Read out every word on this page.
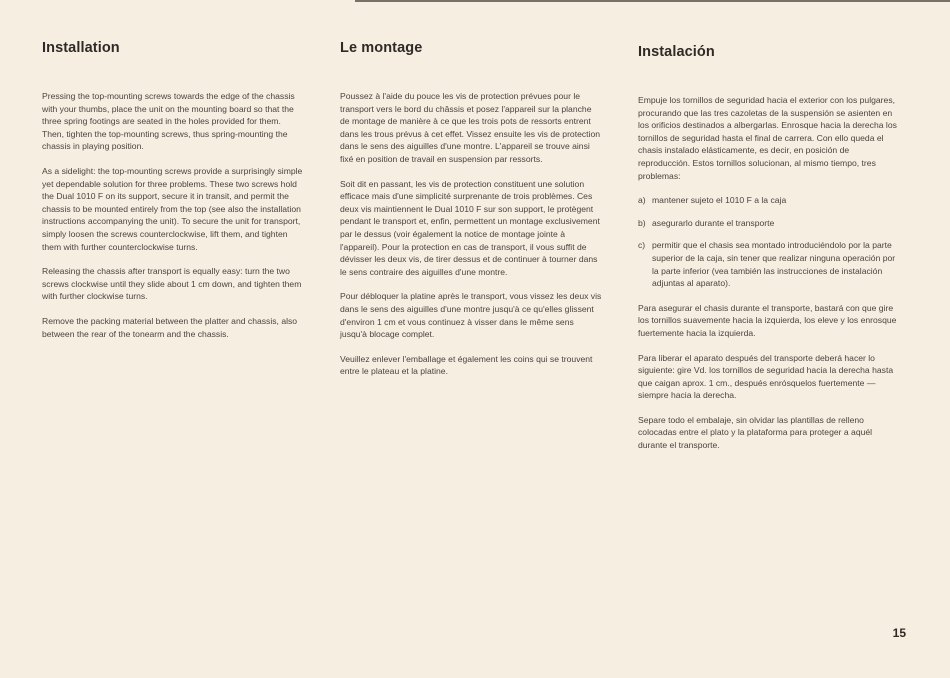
Installation

Pressing the top-mounting screws towards the edge of the chassis with your thumbs, place the unit on the mounting board so that the three spring footings are seated in the holes provided for them. Then, tighten the top-mounting screws, thus spring-mounting the chassis in playing position.

As a sidelight: the top-mounting screws provide a surprisingly simple yet dependable solution for three problems. These two screws hold the Dual 1010 F on its support, secure it in transit, and permit the chassis to be mounted entirely from the top (see also the installation instructions accompanying the unit). To secure the unit for transport, simply loosen the screws counterclockwise, lift them, and tighten them with further counterclockwise turns.

Releasing the chassis after transport is equally easy: turn the two screws clockwise until they slide about 1 cm down, and tighten them with further clockwise turns.

Remove the packing material between the platter and chassis, also between the rear of the tonearm and the chassis.

Le montage

Poussez à l'aide du pouce les vis de protection prévues pour le transport vers le bord du châssis et posez l'appareil sur la planche de montage de manière à ce que les trois pots de ressorts entrent dans les trous prévus à cet effet. Vissez ensuite les vis de protection dans le sens des aiguilles d'une montre. L'appareil se trouve ainsi fixé en position de travail en suspension par ressorts.

Soit dit en passant, les vis de protection constituent une solution efficace mais d'une simplicité surprenante de trois problèmes. Ces deux vis maintiennent le Dual 1010 F sur son support, le protègent pendant le transport et, enfin, permettent un montage exclusivement par le dessus (voir également la notice de montage jointe à l'appareil). Pour la protection en cas de transport, il vous suffit de dévisser les deux vis, de tirer dessus et de continuer à tourner dans le sens contraire des aiguilles d'une montre.

Pour débloquer la platine après le transport, vous vissez les deux vis dans le sens des aiguilles d'une montre jusqu'à ce qu'elles glissent d'environ 1 cm et vous continuez à visser dans le même sens jusqu'à blocage complet.

Veuillez enlever l'emballage et également les coins qui se trouvent entre le plateau et la platine.

Instalación

Empuje los tornillos de seguridad hacia el exterior con los pulgares, procurando que las tres cazoletas de la suspensión se asienten en los orificios destinados a albergarlas. Enrosque hacia la derecha los tornillos de seguridad hasta el final de carrera. Con ello queda el chasis instalado elásticamente, es decir, en posición de reproducción. Estos tornillos solucionan, al mismo tiempo, tres problemas:

a) mantener sujeto el 1010 F a la caja
b) asegurarlo durante el transporte
c) permitir que el chasis sea montado introduciéndolo por la parte superior de la caja, sin tener que realizar ninguna operación por la parte inferior (vea también las instrucciones de instalación adjuntas al aparato).

Para asegurar el chasis durante el transporte, bastará con que gire los tornillos suavemente hacia la izquierda, los eleve y los enrosque fuertemente hacia la izquierda.

Para liberar el aparato después del transporte deberá hacer lo siguiente: gire Vd. los tornillos de seguridad hacia la derecha hasta que caigan aprox. 1 cm., después enrósquelos fuertemente — siempre hacia la derecha.

Separe todo el embalaje, sin olvidar las plantillas de relleno colocadas entre el plato y la plataforma para proteger a aquél durante el transporte.

15
